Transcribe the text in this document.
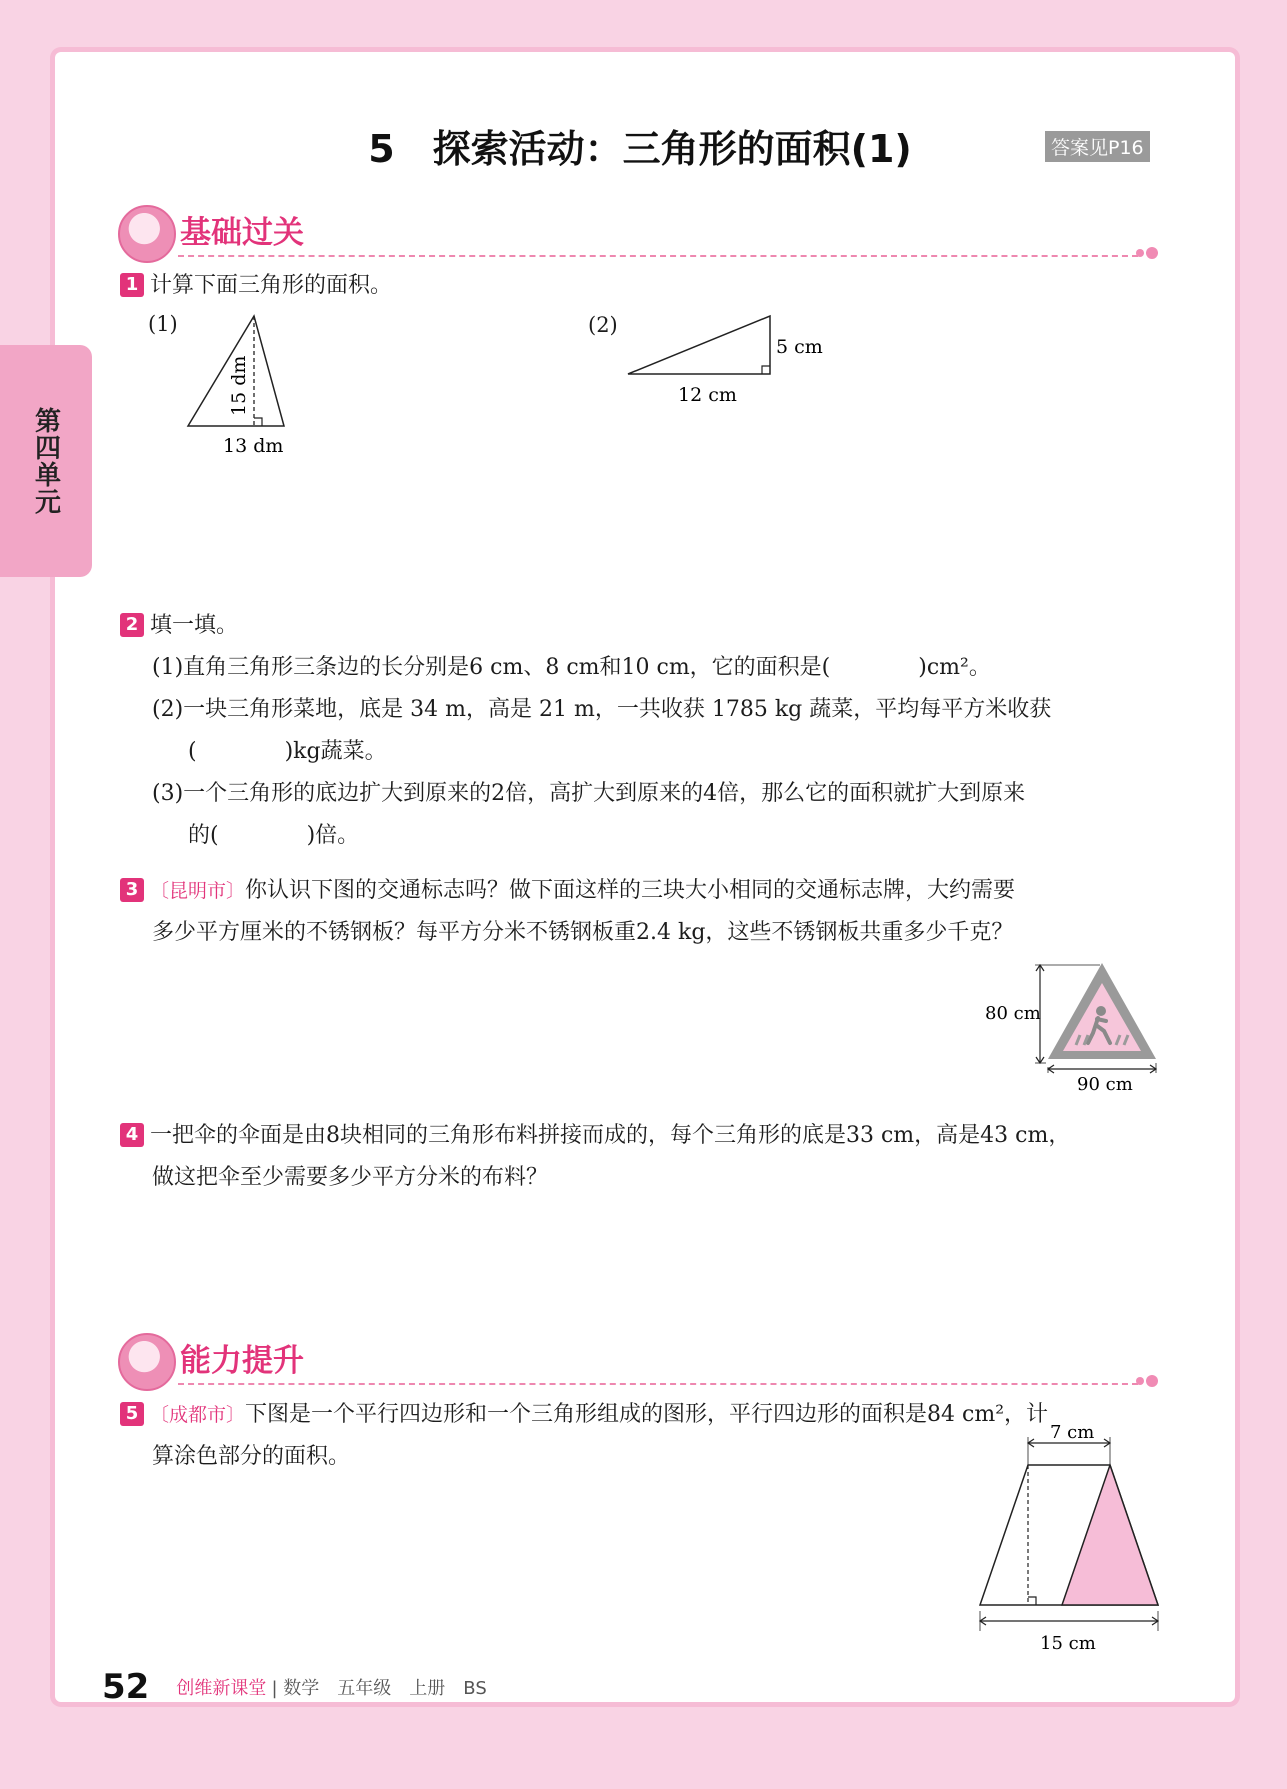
第四单元
5　探索活动：三角形的面积(1)	答案见P16
基础过关
1 计算下面三角形的面积。
(1)
15 dm
13 dm
(2)
5 cm
12 cm
2 填一填。
(1)直角三角形三条边的长分别是6 cm、8 cm和10 cm，它的面积是(　　　　)cm²。
(2)一块三角形菜地，底是 34 m，高是 21 m，一共收获 1785 kg 蔬菜，平均每平方米收获
(　　　　)kg蔬菜。
(3)一个三角形的底边扩大到原来的2倍，高扩大到原来的4倍，那么它的面积就扩大到原来
的(　　　　)倍。
3 〔昆明市〕你认识下图的交通标志吗？做下面这样的三块大小相同的交通标志牌，大约需要
多少平方厘米的不锈钢板？每平方分米不锈钢板重2.4 kg，这些不锈钢板共重多少千克？
80 cm
90 cm
4 一把伞的伞面是由8块相同的三角形布料拼接而成的，每个三角形的底是33 cm，高是43 cm，
做这把伞至少需要多少平方分米的布料？
能力提升
5 〔成都市〕下图是一个平行四边形和一个三角形组成的图形，平行四边形的面积是84 cm²，计
算涂色部分的面积。
7 cm
15 cm
52 创维新课堂 | 数学　五年级　上册　BS
